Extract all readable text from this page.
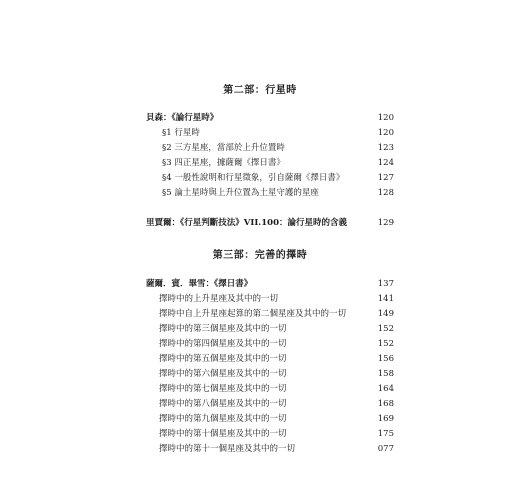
第二部：行星時
貝森：《論行星時》	120
§1 行星時	120
§2 三方星座，當部於上升位置時	123
§3 四正星座，據薩爾《擇日書》	124
§4 一般性說明和行星徵象，引自薩爾《擇日書》	127
§5 論土星時與上升位置為土星守護的星座	128
里賈爾：《行星判斷技法》VII.100：論行星時的含義	129
第三部：完善的擇時
薩爾．賓．畢雪：《擇日書》	137
擇時中的上升星座及其中的一切	141
擇時中自上升星座起算的第二個星座及其中的一切	149
擇時中的第三個星座及其中的一切	152
擇時中的第四個星座及其中的一切	152
擇時中的第五個星座及其中的一切	156
擇時中的第六個星座及其中的一切	158
擇時中的第七個星座及其中的一切	164
擇時中的第八個星座及其中的一切	168
擇時中的第九個星座及其中的一切	169
擇時中的第十個星座及其中的一切	175
擇時中的第十一個星座及其中的一切	077
